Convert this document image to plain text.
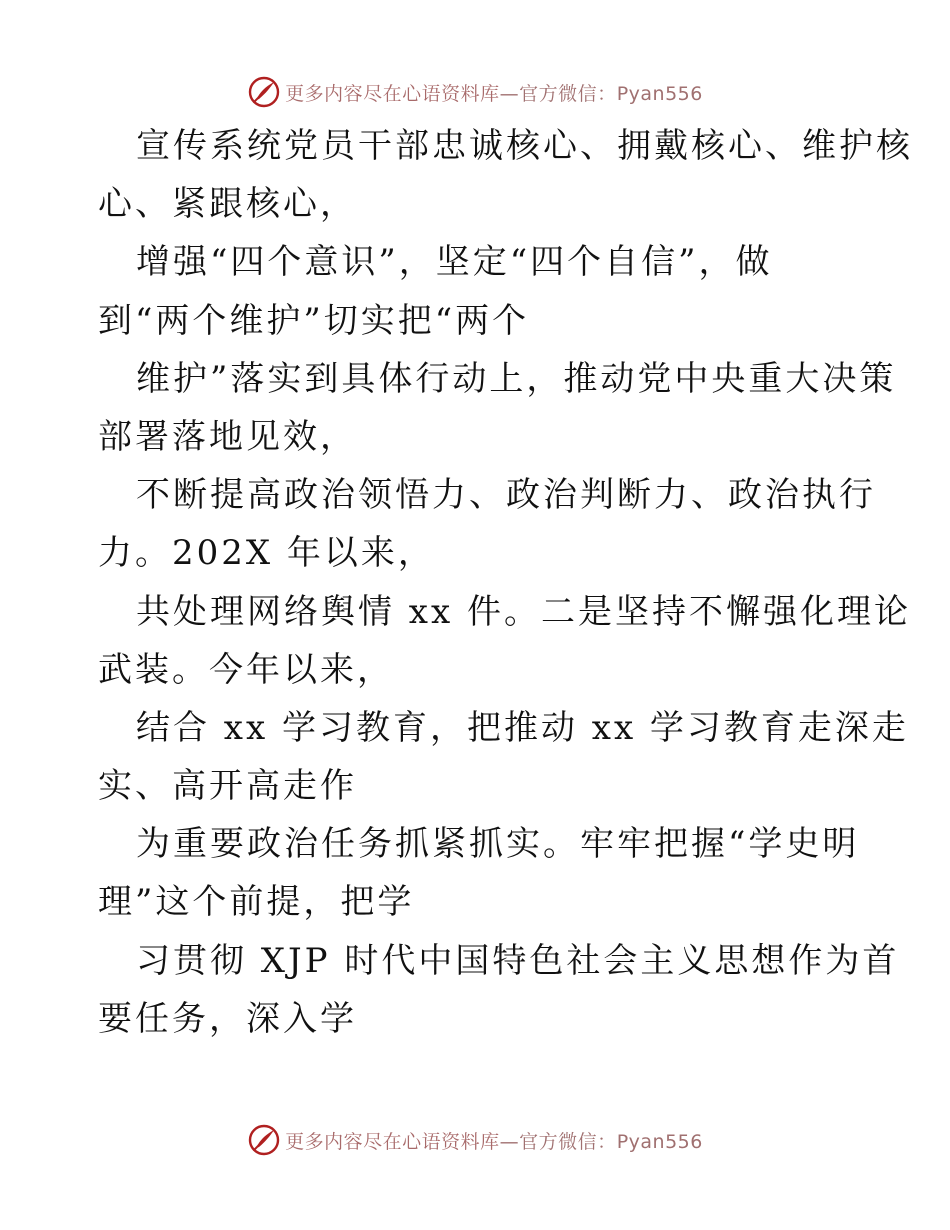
更多内容尽在心语资料库—官方微信：Pyan556
宣传系统党员干部忠诚核心、拥戴核心、维护核
心、紧跟核心，
增强“四个意识”，坚定“四个自信”，做
到“两个维护”切实把“两个
维护”落实到具体行动上，推动党中央重大决策
部署落地见效，
不断提高政治领悟力、政治判断力、政治执行
力。202X 年以来，
共处理网络舆情 xx 件。二是坚持不懈强化理论
武装。今年以来，
结合 xx 学习教育，把推动 xx 学习教育走深走
实、高开高走作
为重要政治任务抓紧抓实。牢牢把握“学史明
理”这个前提，把学
习贯彻 XJP 时代中国特色社会主义思想作为首
要任务，深入学
更多内容尽在心语资料库—官方微信：Pyan556
